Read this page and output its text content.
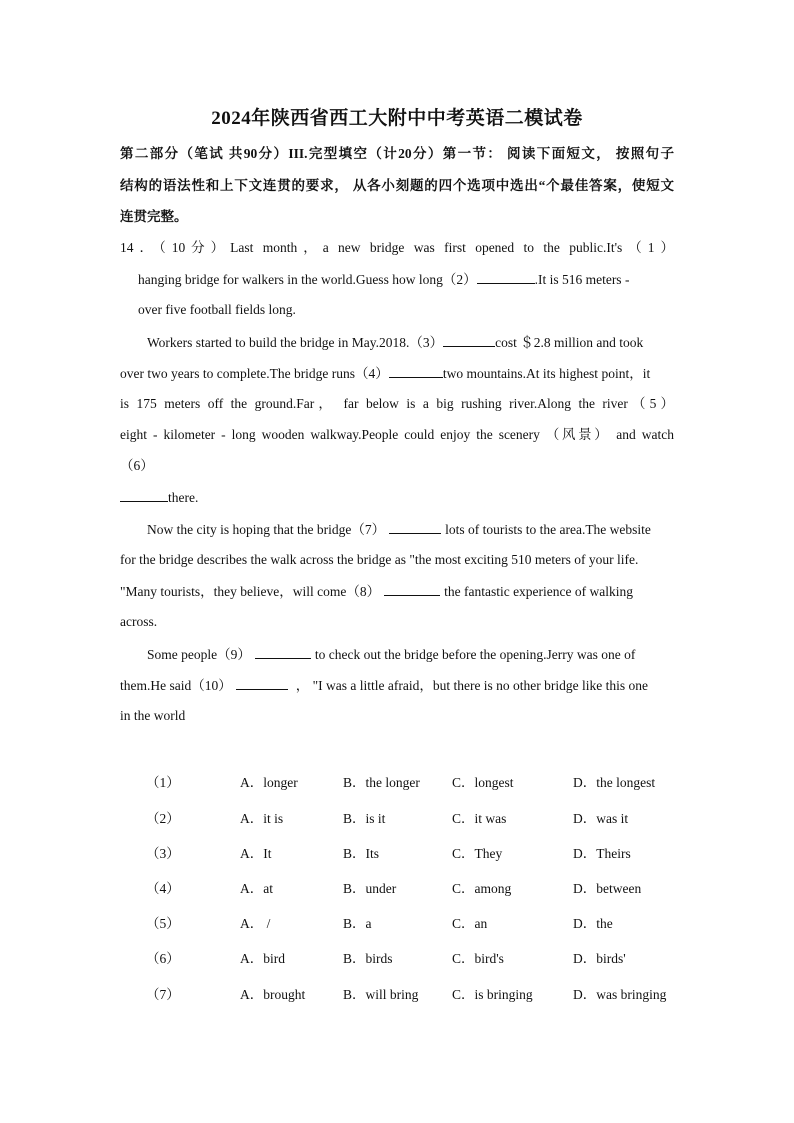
2024年陕西省西工大附中中考英语二模试卷
第二部分（笔试 共90分）III.完型填空（计20分）第一节： 阅读下面短文， 按照句子
结构的语法性和上下文连贯的要求， 从各小刻题的四个选项中选出“个最佳答案，使短文
连贯完整。
14．（10分）Last month，a new bridge was first opened to the public.It's（1）
hanging bridge for walkers in the world.Guess how long（2）	.It is 516 meters -
over five football fields long.
Workers started to build the bridge in May.2018.（3）	cost ＄2.8 million and took
over two years to complete.The bridge runs（4）	two mountains.At its highest point，it
is 175 meters off the ground.Far， far below is a big rushing river.Along the river（5）
eight - kilometer - long wooden walkway.People could enjoy the scenery （风景） and watch
（6）
there.
Now the city is hoping that the bridge（7）	lots of tourists to the area.The website
for the bridge describes the walk across the bridge as "the most exciting 510 meters of your life.
"Many tourists，they believe，will come（8）	the fantastic experience of walking
across.
Some people（9）	to check out the bridge before the opening.Jerry was one of
them.He said（10）	， "I was a little afraid，but there is no other bridge like this one
in the world
（1）	A．longer	B．the longer C．longest	D．the longest
（2）	A．it is	B．is it	C．it was	D．was it
（3）	A．It	B．Its	C．They	D．Theirs
（4）	A．at	B．under	C．among	D．between
（5）	A． /	B．a	C．an	D．the
（6）	A．bird	B．birds	C．bird's	D．birds'
（7）	A．brought	B．will bring C．is bringing	D．was bringing
